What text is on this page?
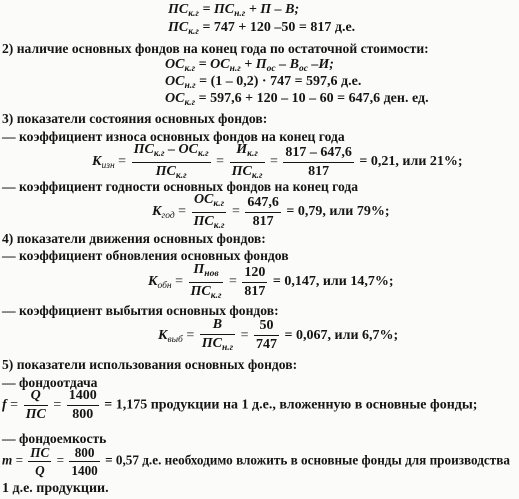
$ПС_{к.г} = ПС_{н.г} + П - В$;
$ПС_{к.г} = 747 + 120$ –50 = 817 д.е.
2) наличие основных фондов на конец года по остаточной стоимости:
$ОС_{к.г} = ОС_{н.г} + П_{ос} - В_{ос}$ –И;
$ОС_{н.г} = (1 - 0,2) \cdot 747 = 597,6$ д.е.
$ОС_{к.г} = 597,6 + 120 - 10 - 60 = 647,6$ ден. ед.
3) показатели состояния основных фондов:
— коэффициент износа основных фондов на конец года
$К_{изн} = \frac{ПС_{к.г} - ОС_{к.г}}{ПС_{к.г}} = \frac{И_{к.г}}{ПС_{к.г}} = \frac{817 - 647,6}{817} = 0,21$, или 21%;
— коэффициент годности основных фондов на конец года
$К_{год} = \frac{ОС_{к.г}}{ПС_{к.г}} = \frac{647,6}{817} = 0,79$, или 79%;
4) показатели движения основных фондов:
— коэффициент обновления основных фондов
$К_{обн} = \frac{П_{нов}}{ПС_{к.г}} = \frac{120}{817} = 0,147$, или 14,7%;
— коэффициент выбытия основных фондов:
$К_{выб} = \frac{В}{ПС_{н.г}} = \frac{50}{747} = 0,067$, или 6,7%;
5) показатели использования основных фондов:
— фондоотдача
$f = \frac{Q}{ПС} = \frac{1400}{800} = 1,175$ продукции на 1 д.е., вложенную в основные фонды;
— фондоемкость
$m = \frac{ПС}{Q} = \frac{800}{1400} = 0,57$ д.е. необходимо вложить в основные фонды для производства
1 д.е. продукции.
